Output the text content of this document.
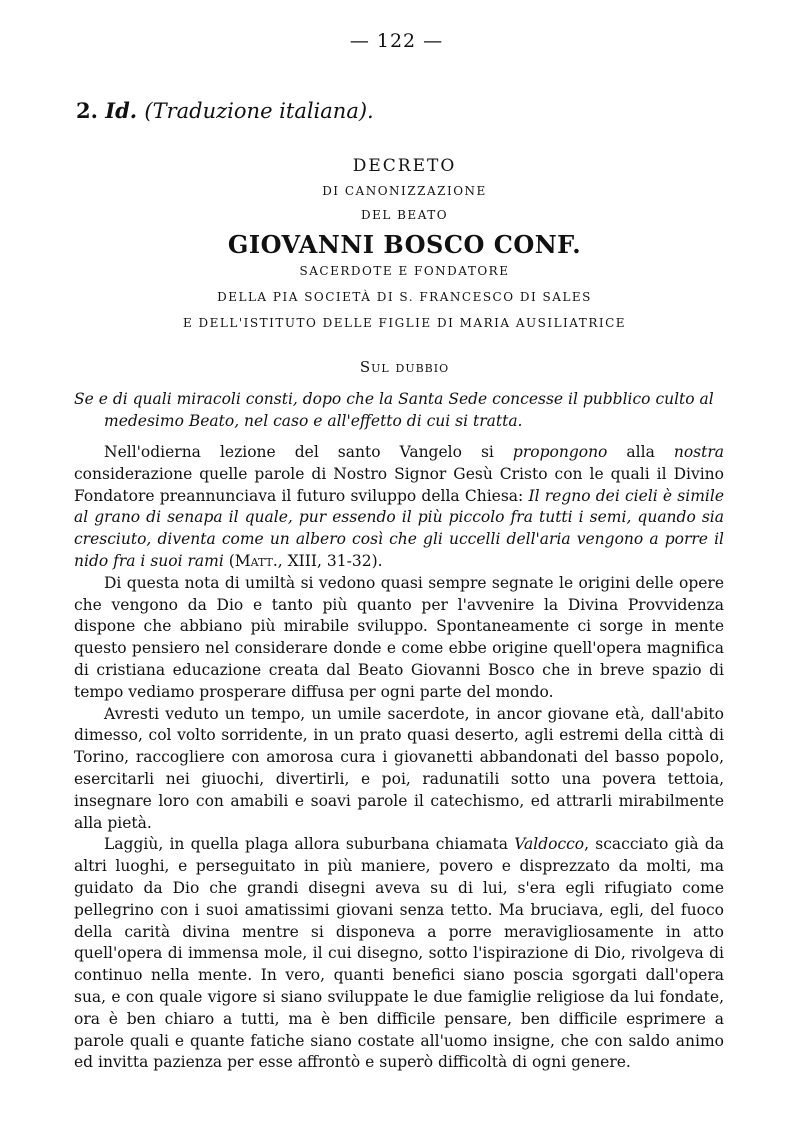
— 122 —
2. Id. (Traduzione italiana).
DECRETO
DI CANONIZZAZIONE
DEL BEATO
GIOVANNI BOSCO CONF.
SACERDOTE E FONDATORE
DELLA PIA SOCIETÀ DI S. FRANCESCO DI SALES
E DELL'ISTITUTO DELLE FIGLIE DI MARIA AUSILIATRICE
Sul dubbio
Se e di quali miracoli consti, dopo che la Santa Sede concesse il pubblico culto al medesimo Beato, nel caso e all'effetto di cui si tratta.

Nell'odierna lezione del santo Vangelo si propongono alla nostra considerazione quelle parole di Nostro Signor Gesù Cristo con le quali il Divino Fondatore preannunciava il futuro sviluppo della Chiesa: Il regno dei cieli è simile al grano di senapa il quale, pur essendo il più piccolo fra tutti i semi, quando sia cresciuto, diventa come un albero così che gli uccelli dell'aria vengono a porre il nido fra i suoi rami (Matt., XIII, 31-32).

Di questa nota di umiltà si vedono quasi sempre segnate le origini delle opere che vengono da Dio e tanto più quanto per l'avvenire la Divina Provvidenza dispone che abbiano più mirabile sviluppo. Spontaneamente ci sorge in mente questo pensiero nel considerare donde e come ebbe origine quell'opera magnifica di cristiana educazione creata dal Beato Giovanni Bosco che in breve spazio di tempo vediamo prosperare diffusa per ogni parte del mondo.

Avresti veduto un tempo, un umile sacerdote, in ancor giovane età, dall'abito dimesso, col volto sorridente, in un prato quasi deserto, agli estremi della città di Torino, raccogliere con amorosa cura i giovanetti abbandonati del basso popolo, esercitarli nei giuochi, divertirli, e poi, radunatili sotto una povera tettoia, insegnare loro con amabili e soavi parole il catechismo, ed attrarli mirabilmente alla pietà.

Laggiù, in quella plaga allora suburbana chiamata Valdocco, scacciato già da altri luoghi, e perseguitato in più maniere, povero e disprezzato da molti, ma guidato da Dio che grandi disegni aveva su di lui, s'era egli rifugiato come pellegrino con i suoi amatissimi giovani senza tetto. Ma bruciava, egli, del fuoco della carità divina mentre si disponeva a porre meravigliosamente in atto quell'opera di immensa mole, il cui disegno, sotto l'ispirazione di Dio, rivolgeva di continuo nella mente. In vero, quanti benefici siano poscia sgorgati dall'opera sua, e con quale vigore si siano sviluppate le due famiglie religiose da lui fondate, ora è ben chiaro a tutti, ma è ben difficile pensare, ben difficile esprimere a parole quali e quante fatiche siano costate all'uomo insigne, che con saldo animo ed invitta pazienza per esse affrontò e superò difficoltà di ogni genere.
